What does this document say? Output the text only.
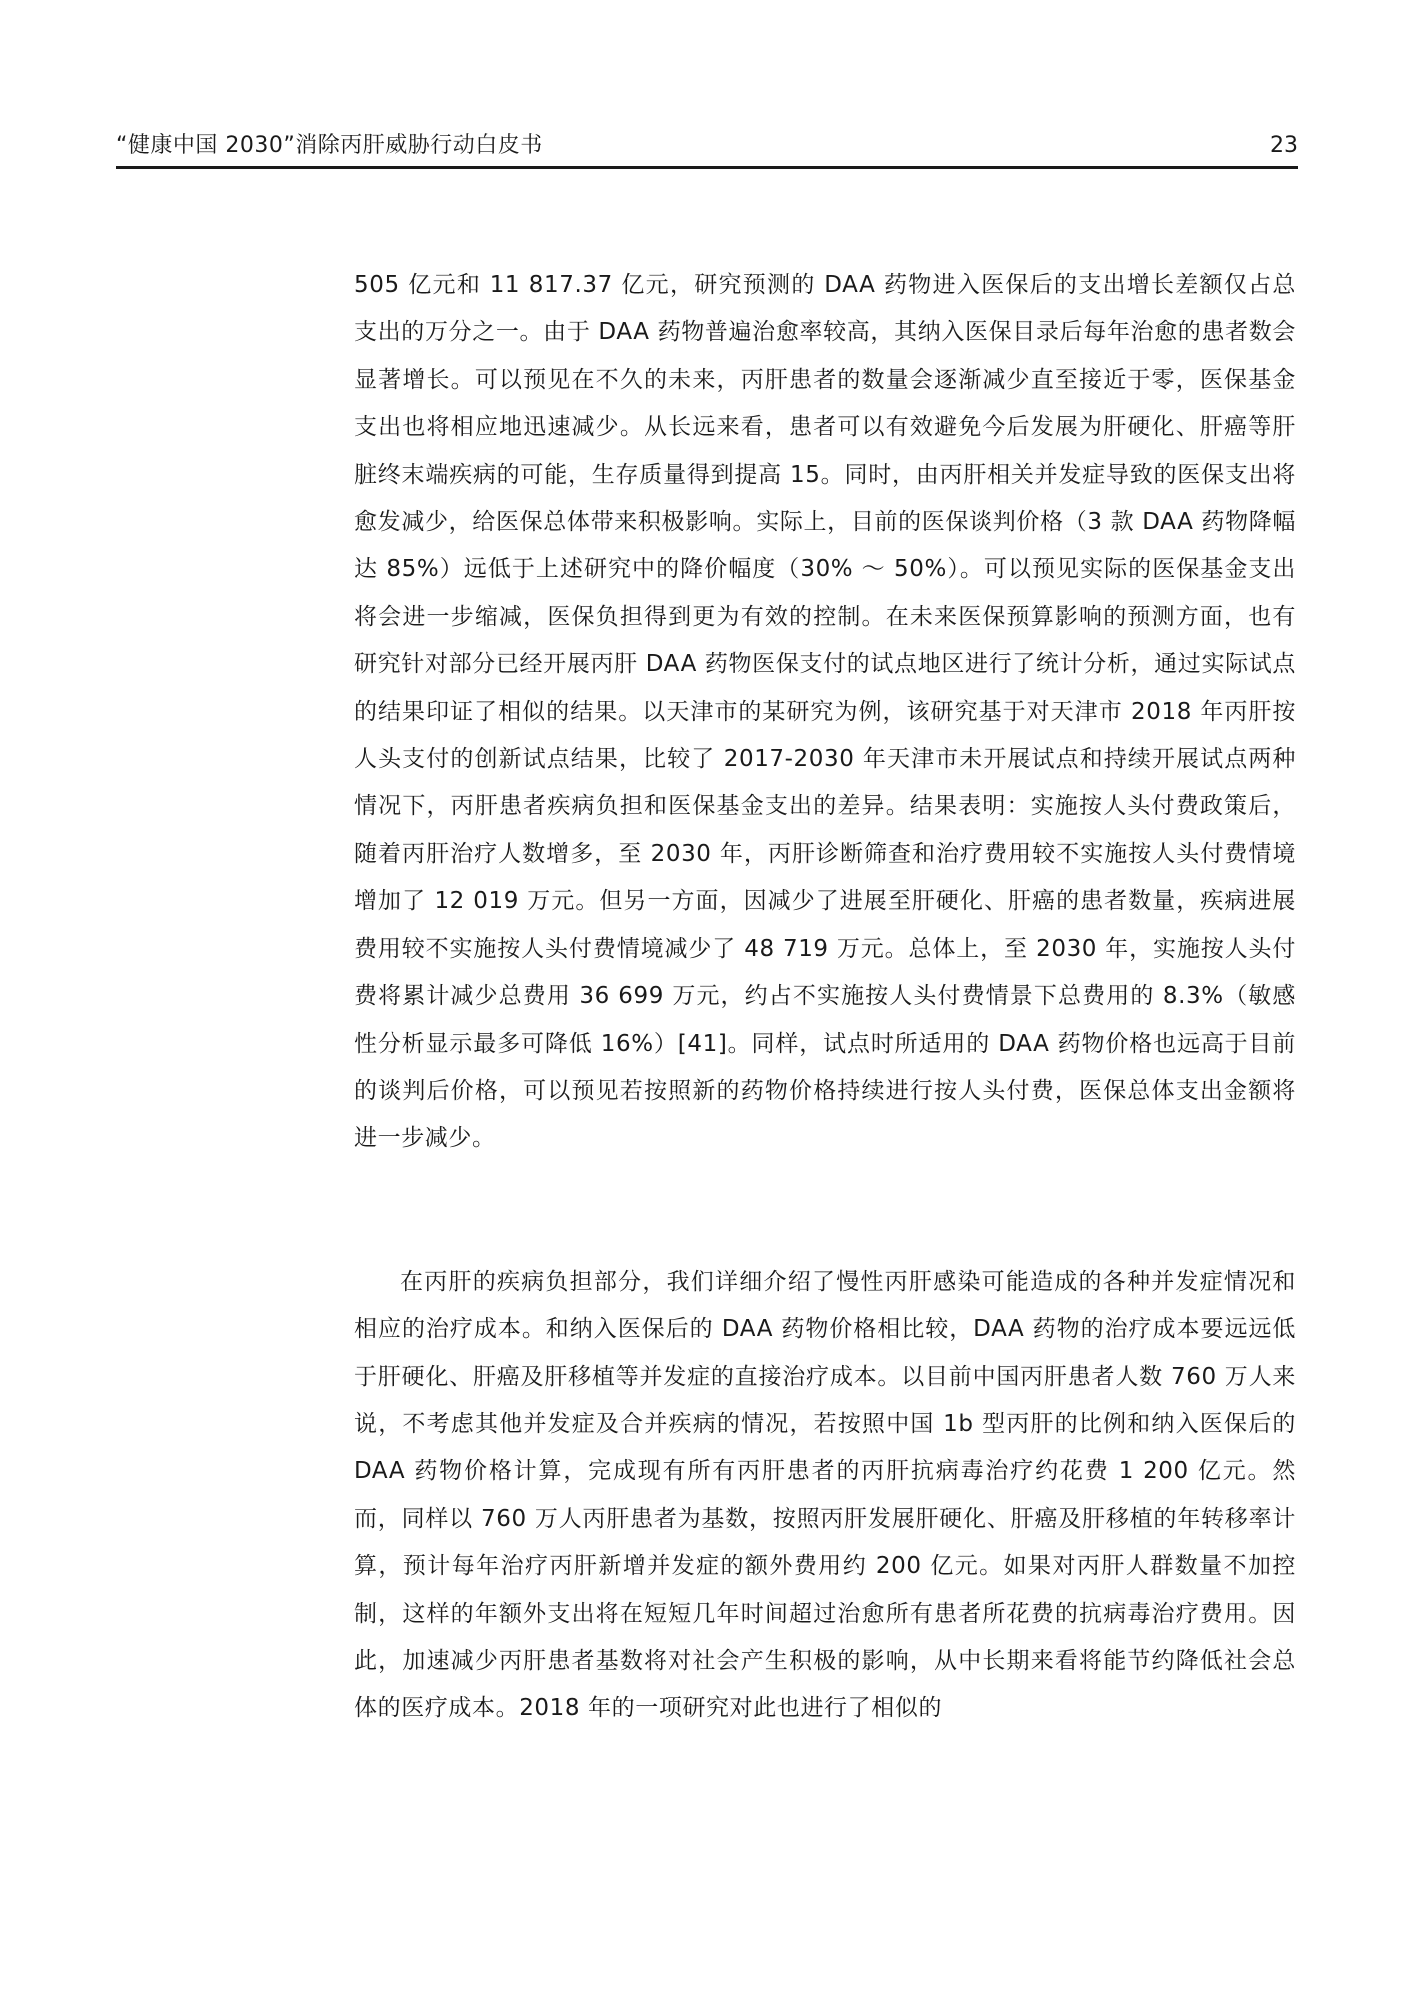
“健康中国 2030”消除丙肝威胁行动白皮书	23

505 亿元和 11 817.37 亿元，研究预测的 DAA 药物进入医保后的支出增长差额仅占总支出的万分之一。由于 DAA 药物普遍治愈率较高，其纳入医保目录后每年治愈的患者数会显著增长。可以预见在不久的未来，丙肝患者的数量会逐渐减少直至接近于零，医保基金支出也将相应地迅速减少。从长远来看，患者可以有效避免今后发展为肝硬化、肝癌等肝脏终末端疾病的可能，生存质量得到提高 15。同时，由丙肝相关并发症导致的医保支出将愈发减少，给医保总体带来积极影响。实际上，目前的医保谈判价格（3 款 DAA 药物降幅达 85%）远低于上述研究中的降价幅度（30% ～ 50%）。可以预见实际的医保基金支出将会进一步缩减，医保负担得到更为有效的控制。在未来医保预算影响的预测方面，也有研究针对部分已经开展丙肝 DAA 药物医保支付的试点地区进行了统计分析，通过实际试点的结果印证了相似的结果。以天津市的某研究为例，该研究基于对天津市 2018 年丙肝按人头支付的创新试点结果，比较了 2017-2030 年天津市未开展试点和持续开展试点两种情况下，丙肝患者疾病负担和医保基金支出的差异。结果表明：实施按人头付费政策后，随着丙肝治疗人数增多，至 2030 年，丙肝诊断筛查和治疗费用较不实施按人头付费情境增加了 12 019 万元。但另一方面，因减少了进展至肝硬化、肝癌的患者数量，疾病进展费用较不实施按人头付费情境减少了 48 719 万元。总体上，至 2030 年，实施按人头付费将累计减少总费用 36 699 万元，约占不实施按人头付费情景下总费用的 8.3%（敏感性分析显示最多可降低 16%）[41]。同样，试点时所适用的 DAA 药物价格也远高于目前的谈判后价格，可以预见若按照新的药物价格持续进行按人头付费，医保总体支出金额将进一步减少。

在丙肝的疾病负担部分，我们详细介绍了慢性丙肝感染可能造成的各种并发症情况和相应的治疗成本。和纳入医保后的 DAA 药物价格相比较，DAA 药物的治疗成本要远远低于肝硬化、肝癌及肝移植等并发症的直接治疗成本。以目前中国丙肝患者人数 760 万人来说，不考虑其他并发症及合并疾病的情况，若按照中国 1b 型丙肝的比例和纳入医保后的 DAA 药物价格计算，完成现有所有丙肝患者的丙肝抗病毒治疗约花费 1 200 亿元。然而，同样以 760 万人丙肝患者为基数，按照丙肝发展肝硬化、肝癌及肝移植的年转移率计算，预计每年治疗丙肝新增并发症的额外费用约 200 亿元。如果对丙肝人群数量不加控制，这样的年额外支出将在短短几年时间超过治愈所有患者所花费的抗病毒治疗费用。因此，加速减少丙肝患者基数将对社会产生积极的影响，从中长期来看将能节约降低社会总体的医疗成本。2018 年的一项研究对此也进行了相似的
